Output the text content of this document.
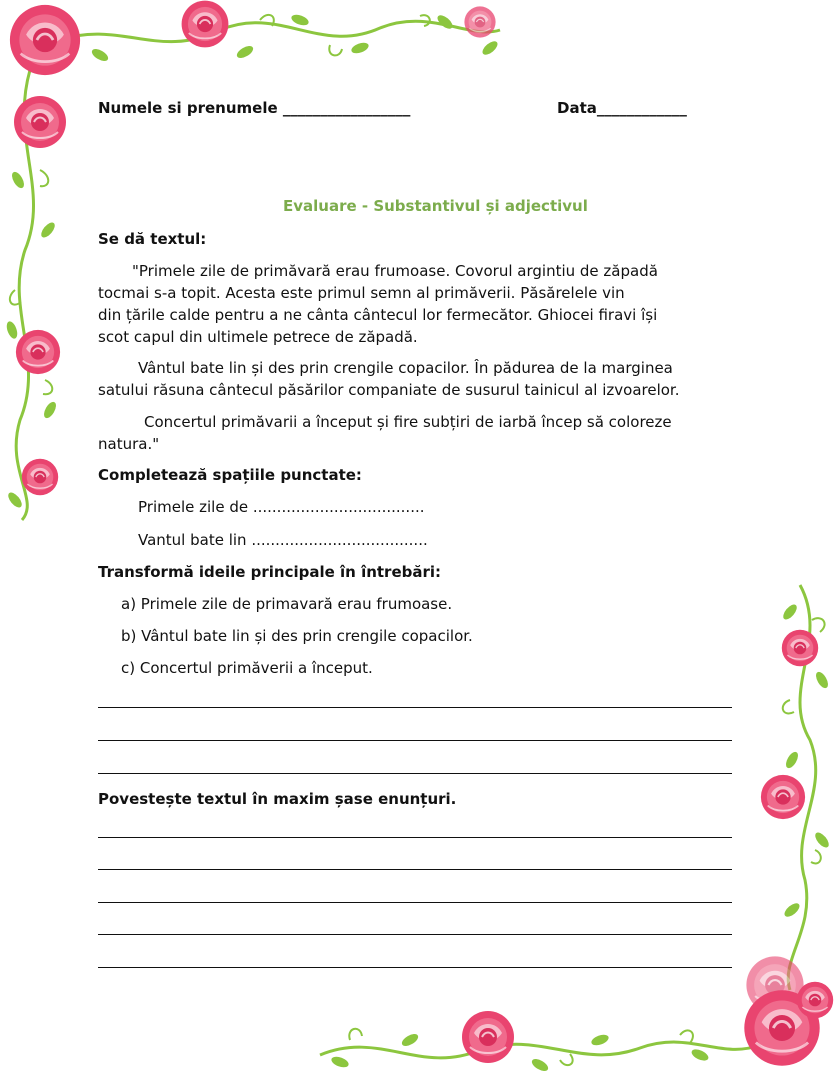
Numele si prenumele _________________	Data____________
Evaluare - Substantivul și adjectivul
Se dă textul:
"Primele zile de primăvară erau frumoase. Covorul argintiu de zăpadă
tocmai s-a topit. Acesta este primul semn al primăverii. Păsărelele vin
din țările calde pentru a ne cânta cântecul lor fermecător. Ghiocei firavi își
scot capul din ultimele petrece de zăpadă.
Vântul bate lin și des prin crengile copacilor. În pădurea de la marginea
satului răsuna cântecul păsărilor companiate de susurul tainicul al izvoarelor.
Concertul primăvarii a început și fire subțiri de iarbă încep să coloreze
natura."
Completează spațiile punctate:
Primele zile de ....................................
Vantul bate lin .....................................
Transformă ideile principale în întrebări:
a) Primele zile de primavară erau frumoase.
b) Vântul bate lin și des prin crengile copacilor.
c) Concertul primăverii a început.
Povestește textul în maxim șase enunțuri.
